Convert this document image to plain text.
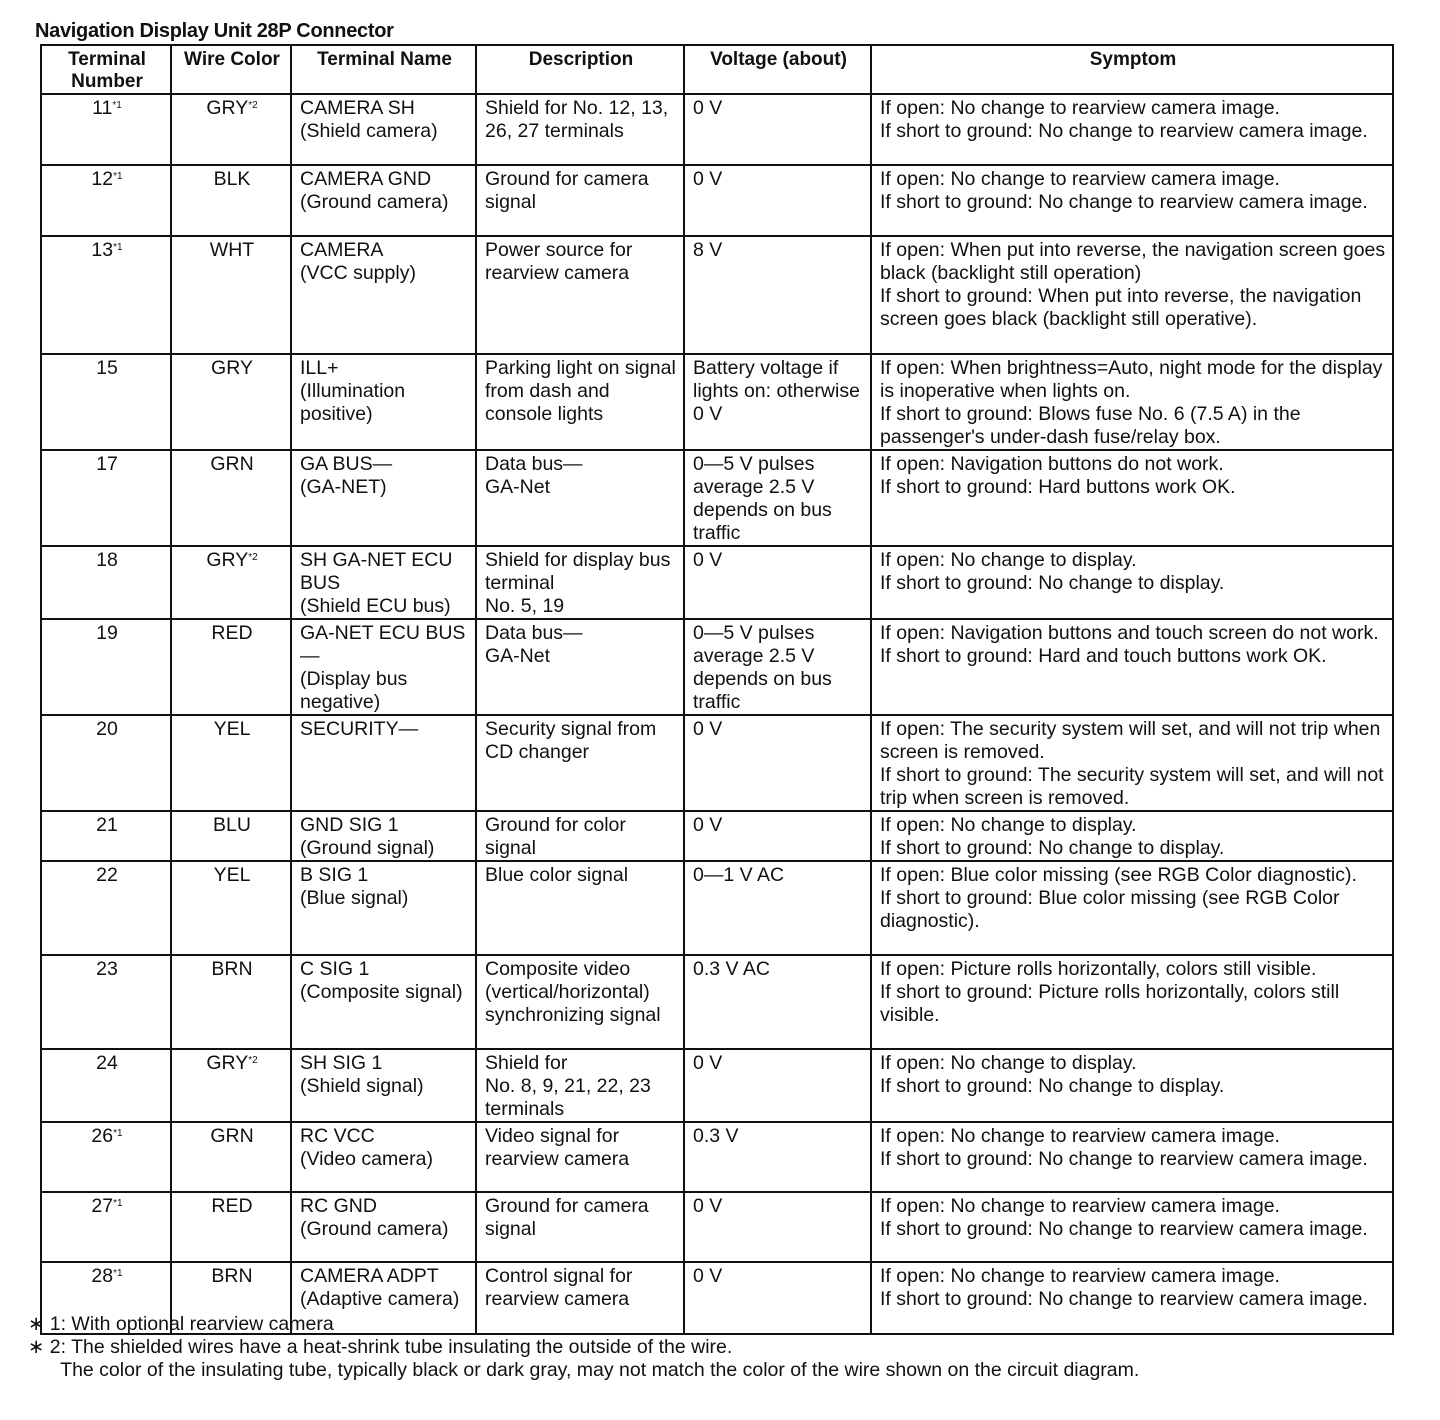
Navigation Display Unit 28P Connector
Terminal Number	Wire Color	Terminal Name	Description	Voltage (about)	Symptom
11$^{*1}$	GRY$^{*2}$	CAMERA SH
(Shield camera)	Shield for No. 12, 13, 26, 27 terminals	0 V	If open: No change to rearview camera image.
If short to ground: No change to rearview camera image.
12$^{*1}$	BLK	CAMERA GND
(Ground camera)	Ground for camera signal	0 V	If open: No change to rearview camera image.
If short to ground: No change to rearview camera image.
13$^{*1}$	WHT	CAMERA
(VCC supply)	Power source for rearview camera	8 V	If open: When put into reverse, the navigation screen goes black (backlight still operation)
If short to ground: When put into reverse, the navigation screen goes black (backlight still operative).
15	GRY	ILL+
(Illumination positive)	Parking light on signal from dash and console lights	Battery voltage if lights on: otherwise 0 V	If open: When brightness=Auto, night mode for the display is inoperative when lights on.
If short to ground: Blows fuse No. 6 (7.5 A) in the passenger's under-dash fuse/relay box.
17	GRN	GA BUS—
(GA-NET)	Data bus—
GA-Net	0—5 V pulses average 2.5 V depends on bus traffic	If open: Navigation buttons do not work.
If short to ground: Hard buttons work OK.
18	GRY$^{*2}$	SH GA-NET ECU BUS
(Shield ECU bus)	Shield for display bus terminal
No. 5, 19	0 V	If open: No change to display.
If short to ground: No change to display.
19	RED	GA-NET ECU BUS—
(Display bus negative)	Data bus—
GA-Net	0—5 V pulses average 2.5 V depends on bus traffic	If open: Navigation buttons and touch screen do not work.
If short to ground: Hard and touch buttons work OK.
20	YEL	SECURITY—	Security signal from CD changer	0 V	If open: The security system will set, and will not trip when screen is removed.
If short to ground: The security system will set, and will not trip when screen is removed.
21	BLU	GND SIG 1
(Ground signal)	Ground for color signal	0 V	If open: No change to display.
If short to ground: No change to display.
22	YEL	B SIG 1
(Blue signal)	Blue color signal	0—1 V AC	If open: Blue color missing (see RGB Color diagnostic).
If short to ground: Blue color missing (see RGB Color diagnostic).
23	BRN	C SIG 1
(Composite signal)	Composite video (vertical/horizontal) synchronizing signal	0.3 V AC	If open: Picture rolls horizontally, colors still visible.
If short to ground: Picture rolls horizontally, colors still visible.
24	GRY$^{*2}$	SH SIG 1
(Shield signal)	Shield for
No. 8, 9, 21, 22, 23 terminals	0 V	If open: No change to display.
If short to ground: No change to display.
26$^{*1}$	GRN	RC VCC
(Video camera)	Video signal for rearview camera	0.3 V	If open: No change to rearview camera image.
If short to ground: No change to rearview camera image.
27$^{*1}$	RED	RC GND
(Ground camera)	Ground for camera signal	0 V	If open: No change to rearview camera image.
If short to ground: No change to rearview camera image.
28$^{*1}$	BRN	CAMERA ADPT
(Adaptive camera)	Control signal for rearview camera	0 V	If open: No change to rearview camera image.
If short to ground: No change to rearview camera image.
∗ 1: With optional rearview camera
∗ 2: The shielded wires have a heat-shrink tube insulating the outside of the wire.
The color of the insulating tube, typically black or dark gray, may not match the color of the wire shown on the circuit diagram.
